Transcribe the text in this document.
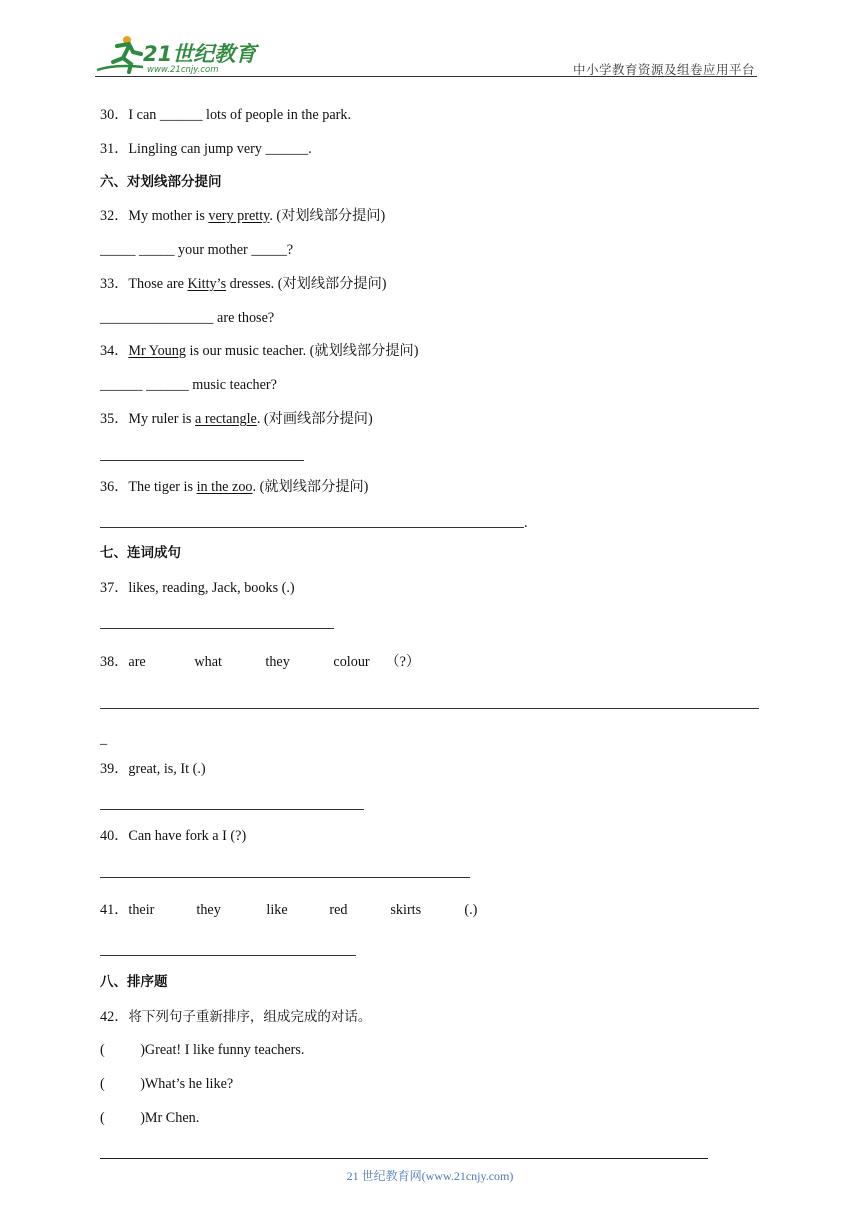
21世纪教育
www.21cnjy.com	中小学教育资源及组卷应用平台
30．I can ______ lots of people in the park.
31．Lingling can jump very ______.
六、对划线部分提问
32．My mother is very pretty. (对划线部分提问)
_____ _____ your mother _____?
33．Those are Kitty’s dresses. (对划线部分提问)
________________ are those?
34．Mr Young is our music teacher. (就划线部分提问)
______ ______ music teacher?
35．My ruler is a rectangle. (对画线部分提问)
36．The tiger is in the zoo. (就划线部分提问)
.
七、连词成句
37．likes, reading, Jack, books (.)
38．are	what	they	colour （?）
_
39．great, is, It (.)
40．Can have fork a I (?)
41．their	they	like	red	skirts	(.)
八、排序题
42．将下列句子重新排序，组成完成的对话。
(          )Great! I like funny teachers.
(          )What’s he like?
(          )Mr Chen.
21 世纪教育网(www.21cnjy.com)
